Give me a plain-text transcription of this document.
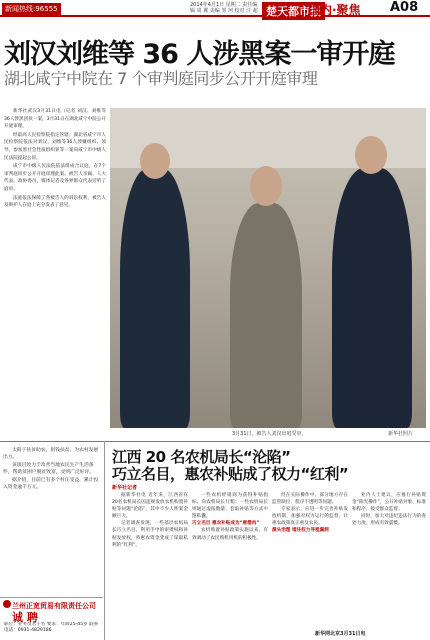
新闻热线:96555	2014年4月1日 星期二 责任编辑 周 翼 美编 邹 珂 校对 汪 超 楚天都市报
国内·聚焦 A08
刘汉刘维等 36 人涉黑案一审开庭
湖北咸宁中院在 7 个审判庭同步公开开庭审理

新华社武汉3月31日电（记者 刘汉、刘维等36人涉黑团伙一案，3月31日在湖北咸宁中院公开开庭审理。

经最高人民检察院指定管辖，湖北省咸宁市人民检察院依法对刘汉、刘维等36人涉嫌组织、领导、参加黑社会性质组织罪等一案向咸宁市中级人民法院提起公诉。

咸宁市中级人民法院依法组成合议庭，在7个审判庭同步公开开庭审理此案。被告人亲属、人大代表、政协委员、媒体记者及各界群众代表旁听了庭审。

法庭依法保障了各被告人的诉讼权利，被告人及辩护人在庭上充分发表了意见。

3月31日，被告人刘汉出庭受审。	新华社照片
江西 20 名农机局长“沦陷”
巧立名目，惠农补贴成了权力“红利”
新华社记者

据新华社电 近年来，江西省有20名农机局长因违规发放农机购置补贴等问题“沦陷”，其中不少人涉案金额巨大。

记者调查发现，一些基层农机局长巧立名目，利用手中的审批权和补贴发放权，将惠农资金变成了谋取私利的“红利”。

一些农机经销商为获得补贴指标，向农机局长行贿；一些农机局长则通过虚报数量、套取补贴等方式中饱私囊。

巧立名目 惠农补贴成为“唐僧肉”

农机购置补贴政策实施以来，有效调动了农民购机用机的积极性。

但在实际操作中，部分地方存在监管缺位、程序不透明等问题。

专家表示，应进一步完善补贴发放机制，加强对权力运行的监督，让惠农政策真正惠及农民。

源头治理 堵住权力寻租漏洞

业内人士建议，应推行补贴资金“阳光操作”，公开补贴对象、标准和程序，接受群众监督。

同时，加大对违纪违法行为的查处力度，形成有效震慑。

新华网北京3月31日电

太阳子扶贫助农，捐钱扶贫，为农村发展出力。

该项目致力于改善当地农民生产生活条件，帮助贫困户脱贫致富，受到广泛好评。

据介绍，目前已有多个村庄受益，累计投入资金逾千万元。

兰州正宽贸易有限责任公司
诚 聘
职位：业务员若干名 要求：年龄25-45岁 联系电话：0931-4829186
